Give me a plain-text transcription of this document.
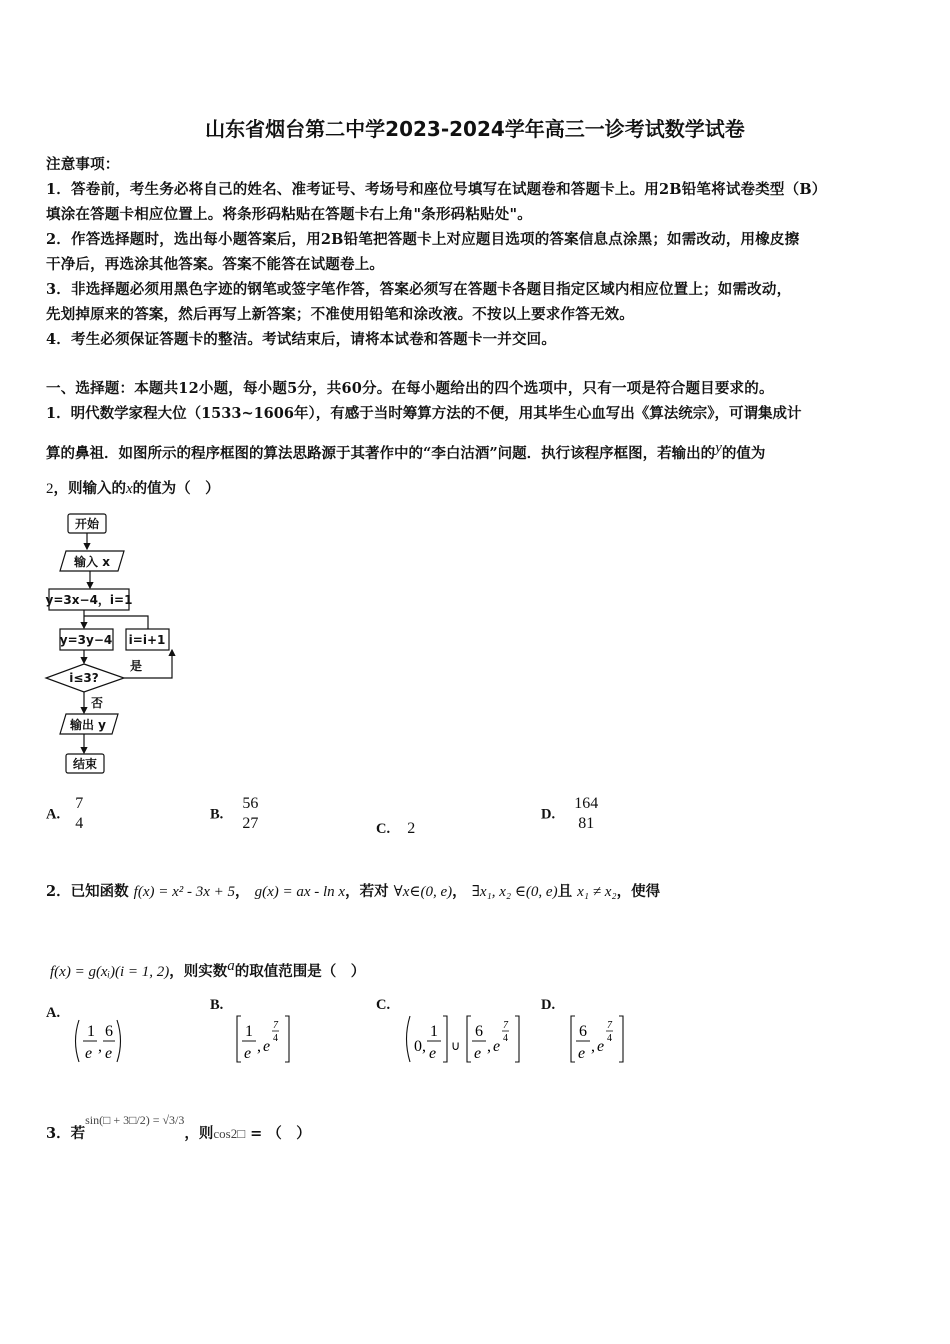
山东省烟台第二中学2023-2024学年高三一诊考试数学试卷
注意事项：
1．答卷前，考生务必将自己的姓名、准考证号、考场号和座位号填写在试题卷和答题卡上。用2B铅笔将试卷类型（B）
填涂在答题卡相应位置上。将条形码粘贴在答题卡右上角"条形码粘贴处"。
2．作答选择题时，选出每小题答案后，用2B铅笔把答题卡上对应题目选项的答案信息点涂黑；如需改动，用橡皮擦
干净后，再选涂其他答案。答案不能答在试题卷上。
3．非选择题必须用黑色字迹的钢笔或签字笔作答，答案必须写在答题卡各题目指定区域内相应位置上；如需改动，
先划掉原来的答案，然后再写上新答案；不准使用铅笔和涂改液。不按以上要求作答无效。
4．考生必须保证答题卡的整洁。考试结束后，请将本试卷和答题卡一并交回。
一、选择题：本题共12小题，每小题5分，共60分。在每小题给出的四个选项中，只有一项是符合题目要求的。
1．明代数学家程大位（1533~1606年），有感于当时筹算方法的不便，用其毕生心血写出《算法统宗》，可谓集成计
算的鼻祖．如图所示的程序框图的算法思路源于其著作中的“李白沽酒”问题．执行该程序框图，若输出的$^y$的值为
2，则输入的x的值为（　）
开始
输入 x
y=3x−4，i=1
y=3y−4 i=i+1
i≤3?
是
否
输出 y
结束
A.
7
4
B.
56
27	C. 2
D.
164
81
2．已知函数 f(x) = x² - 3x + 5， g(x) = ax - ln x，若对 ∀x∈(0, e)， ∃x₁, x₂ ∈(0, e)且 x₁ ≠ x₂，使得
f(x) = g(xᵢ)(i = 1, 2)，则实数$^a$的取值范围是（　）
A.
1
e ,
6
e
B.
1
e , e
7
4
C.
0,
1
e ∪
6
e , e
7
4
D.
6
e , e
7
4
3．若sin(□ + 3□/2) = √3/3，则cos2□ = （　）
